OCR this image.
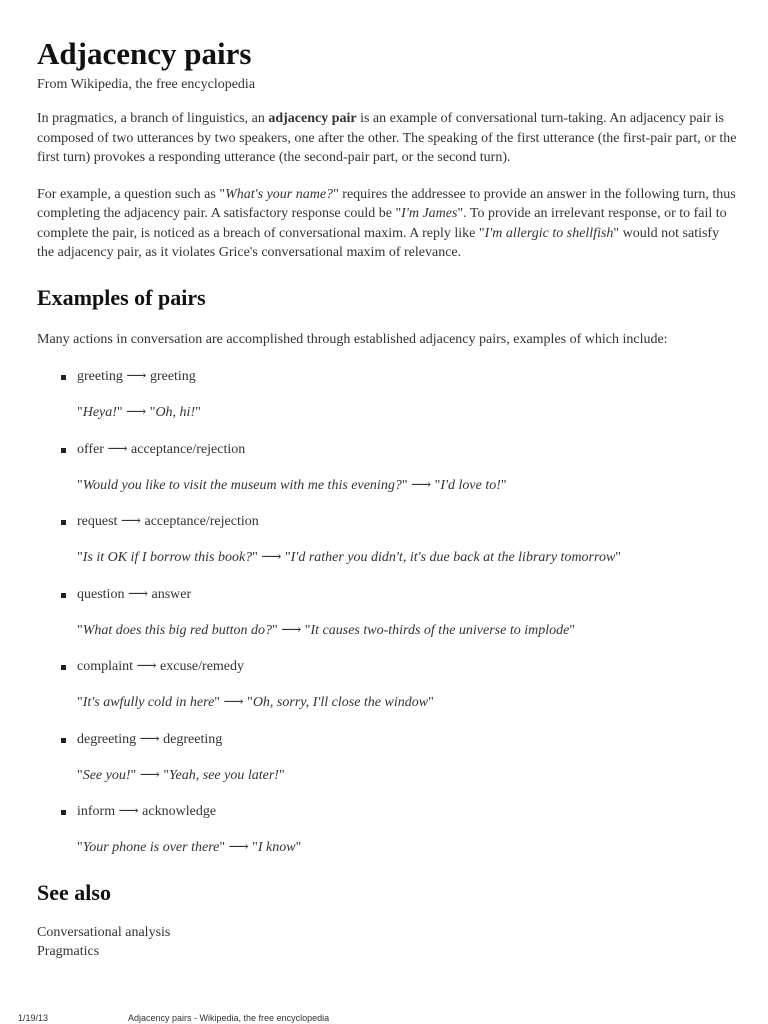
Adjacency pairs
From Wikipedia, the free encyclopedia

In pragmatics, a branch of linguistics, an adjacency pair is an example of conversational turn-taking. An adjacency pair is composed of two utterances by two speakers, one after the other. The speaking of the first utterance (the first-pair part, or the first turn) provokes a responding utterance (the second-pair part, or the second turn).

For example, a question such as "What's your name?" requires the addressee to provide an answer in the following turn, thus completing the adjacency pair. A satisfactory response could be "I'm James". To provide an irrelevant response, or to fail to complete the pair, is noticed as a breach of conversational maxim. A reply like "I'm allergic to shellfish" would not satisfy the adjacency pair, as it violates Grice's conversational maxim of relevance.

Examples of pairs

Many actions in conversation are accomplished through established adjacency pairs, examples of which include:

greeting ⟶ greeting
"Heya!" ⟶ "Oh, hi!"
offer ⟶ acceptance/rejection
"Would you like to visit the museum with me this evening?" ⟶ "I'd love to!"
request ⟶ acceptance/rejection
"Is it OK if I borrow this book?" ⟶ "I'd rather you didn't, it's due back at the library tomorrow"
question ⟶ answer
"What does this big red button do?" ⟶ "It causes two-thirds of the universe to implode"
complaint ⟶ excuse/remedy
"It's awfully cold in here" ⟶ "Oh, sorry, I'll close the window"
degreeting ⟶ degreeting
"See you!" ⟶ "Yeah, see you later!"
inform ⟶ acknowledge
"Your phone is over there" ⟶ "I know"
See also
Conversational analysis
Pragmatics
1/19/13	Adjacency pairs - Wikipedia, the free encyclopedia
